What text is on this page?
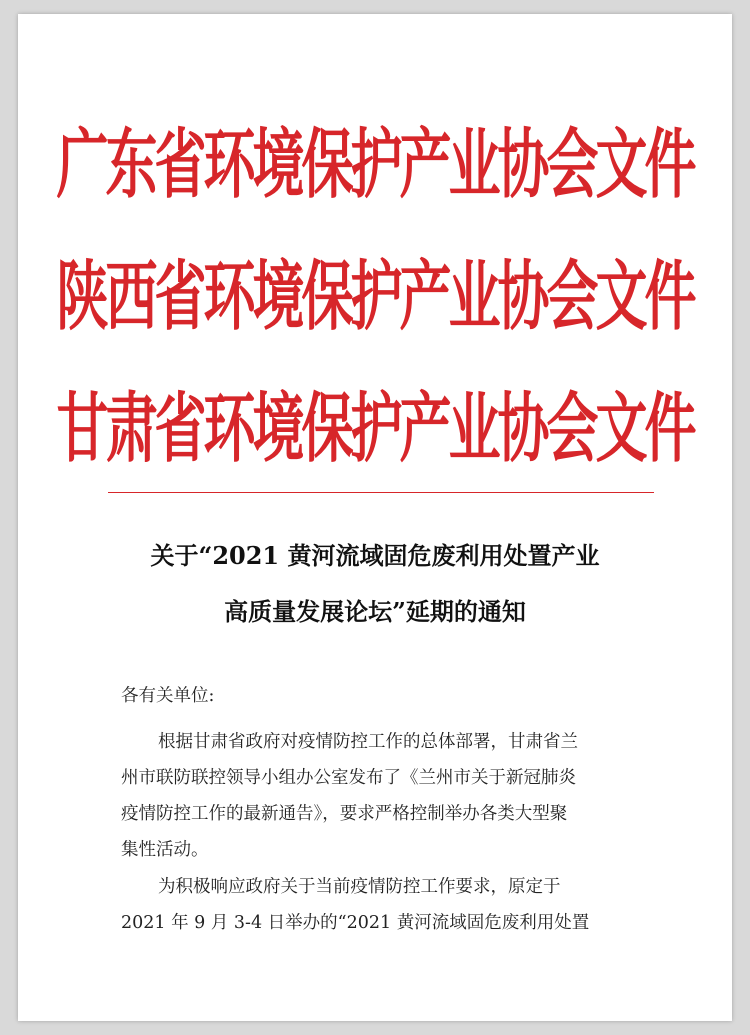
广东省环境保护产业协会文件
陕西省环境保护产业协会文件
甘肃省环境保护产业协会文件
关于“2021 黄河流域固危废利用处置产业
高质量发展论坛”延期的通知
各有关单位:
根据甘肃省政府对疫情防控工作的总体部署，甘肃省兰
州市联防联控领导小组办公室发布了《兰州市关于新冠肺炎
疫情防控工作的最新通告》，要求严格控制举办各类大型聚
集性活动。
为积极响应政府关于当前疫情防控工作要求，原定于
2021 年 9 月 3-4 日举办的“2021 黄河流域固危废利用处置
